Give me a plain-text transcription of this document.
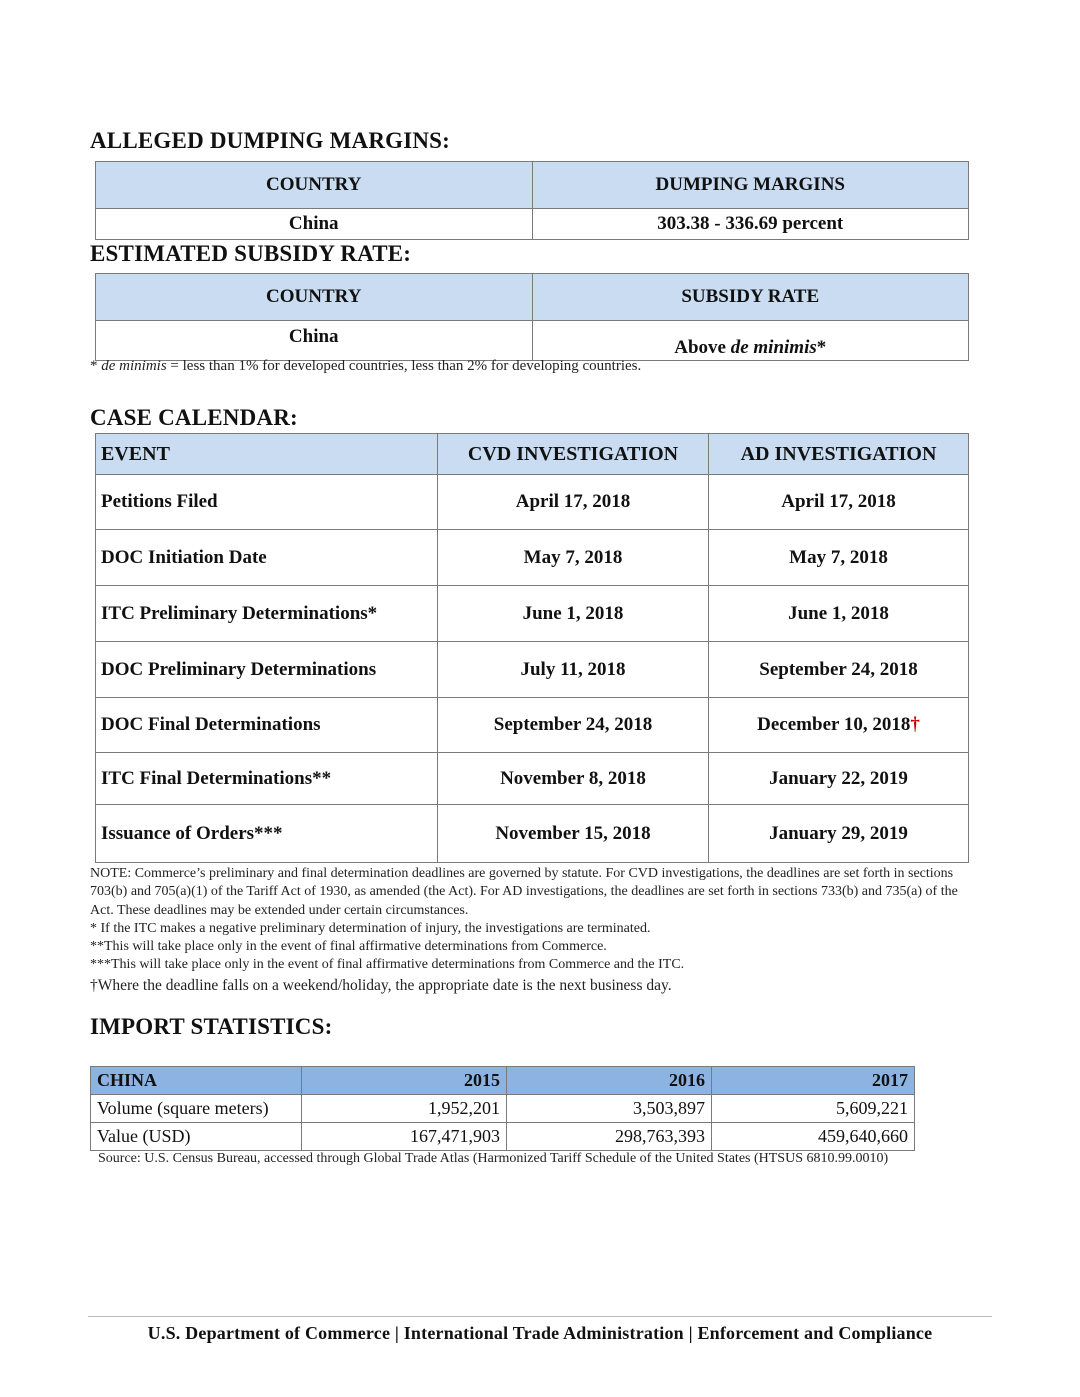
ALLEGED DUMPING MARGINS:
COUNTRY	DUMPING MARGINS
China	303.38 - 336.69 percent
ESTIMATED SUBSIDY RATE:
COUNTRY	SUBSIDY RATE
China	Above de minimis*
* de minimis = less than 1% for developed countries, less than 2% for developing countries.
CASE CALENDAR:
EVENT	CVD INVESTIGATION	AD INVESTIGATION
Petitions Filed	April 17, 2018	April 17, 2018
DOC Initiation Date	May 7, 2018	May 7, 2018
ITC Preliminary Determinations*	June 1, 2018	June 1, 2018
DOC Preliminary Determinations	July 11, 2018	September 24, 2018
DOC Final Determinations	September 24, 2018	December 10, 2018†
ITC Final Determinations**	November 8, 2018	January 22, 2019
Issuance of Orders***	November 15, 2018	January 29, 2019
NOTE: Commerce’s preliminary and final determination deadlines are governed by statute. For CVD investigations, the deadlines are set forth in sections 703(b) and 705(a)(1) of the Tariff Act of 1930, as amended (the Act). For AD investigations, the deadlines are set forth in sections 733(b) and 735(a) of the Act. These deadlines may be extended under certain circumstances.
* If the ITC makes a negative preliminary determination of injury, the investigations are terminated.
**This will take place only in the event of final affirmative determinations from Commerce.
***This will take place only in the event of final affirmative determinations from Commerce and the ITC.
†Where the deadline falls on a weekend/holiday, the appropriate date is the next business day.
IMPORT STATISTICS:
CHINA	2015	2016	2017
Volume (square meters)	1,952,201	3,503,897	5,609,221
Value (USD)	167,471,903	298,763,393	459,640,660
Source: U.S. Census Bureau, accessed through Global Trade Atlas (Harmonized Tariff Schedule of the United States (HTSUS 6810.99.0010)
U.S. Department of Commerce | International Trade Administration | Enforcement and Compliance
